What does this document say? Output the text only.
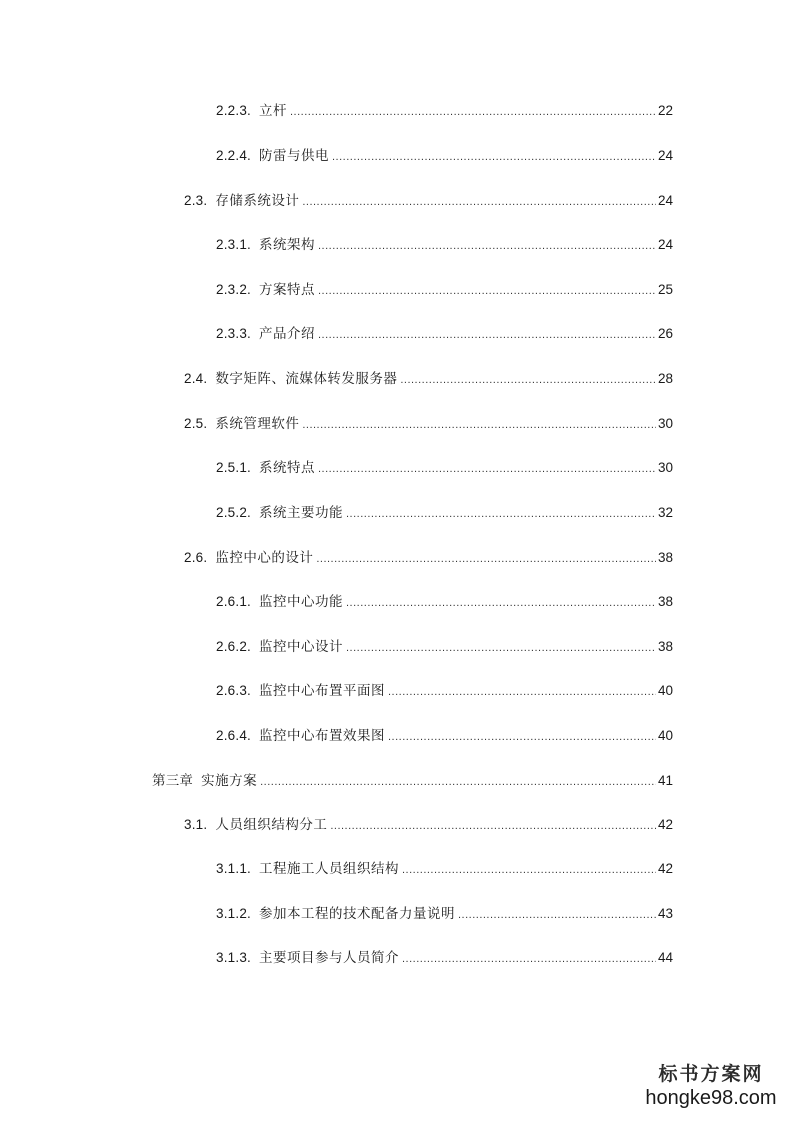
2.2.3. 立杆 .....	22
2.2.4. 防雷与供电 .....	24
2.3. 存储系统设计 .....	24
2.3.1. 系统架构 .....	24
2.3.2. 方案特点 .....	25
2.3.3. 产品介绍 .....	26
2.4. 数字矩阵、流媒体转发服务器 .....	28
2.5. 系统管理软件 .....	30
2.5.1. 系统特点 .....	30
2.5.2. 系统主要功能 .....	32
2.6. 监控中心的设计 .....	38
2.6.1. 监控中心功能 .....	38
2.6.2. 监控中心设计 .....	38
2.6.3. 监控中心布置平面图 .....	40
2.6.4. 监控中心布置效果图 .....	40
第三章 实施方案 .....	41
3.1. 人员组织结构分工 .....	42
3.1.1. 工程施工人员组织结构 .....	42
3.1.2. 参加本工程的技术配备力量说明 .....	43
3.1.3. 主要项目参与人员简介 .....	44
标书方案网
hongke98.com
